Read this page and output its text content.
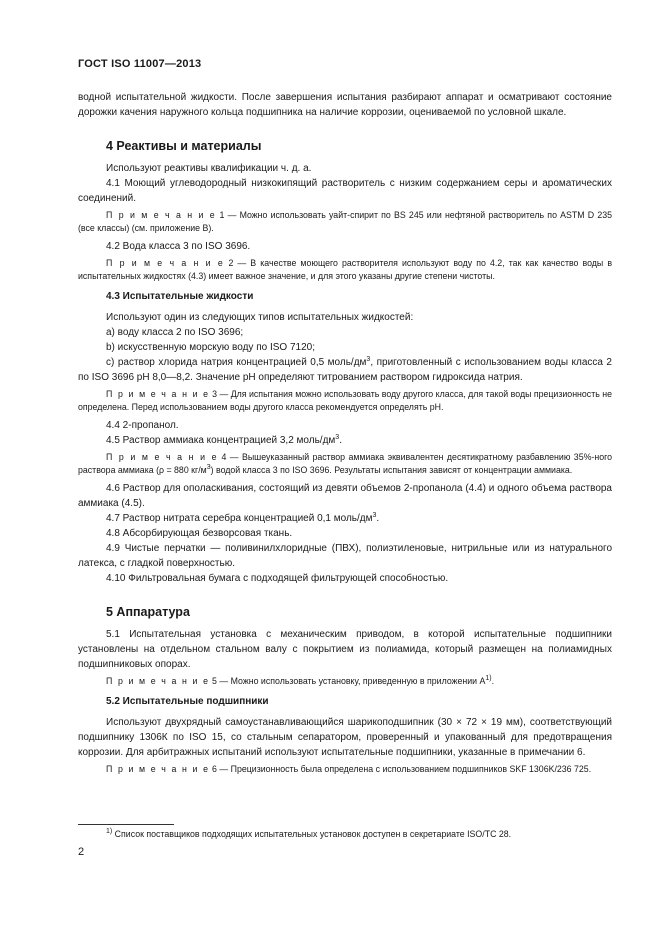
ГОСТ ISO 11007—2013

водной испытательной жидкости. После завершения испытания разбирают аппарат и осматривают состояние дорожки качения наружного кольца подшипника на наличие коррозии, оцениваемой по условной шкале.

4 Реактивы и материалы

Используют реактивы квалификации ч. д. а.

4.1 Моющий углеводородный низкокипящий растворитель с низким содержанием серы и ароматических соединений.

П р и м е ч а н и е 1 — Можно использовать уайт-спирит по BS 245 или нефтяной растворитель по ASTM D 235 (все классы) (см. приложение В).

4.2 Вода класса 3 по ISO 3696.

П р и м е ч а н и е 2 — В качестве моющего растворителя используют воду по 4.2, так как качество воды в испытательных жидкостях (4.3) имеет важное значение, и для этого указаны другие степени чистоты.

4.3 Испытательные жидкости

Используют один из следующих типов испытательных жидкостей:

а) воду класса 2 по ISO 3696;

b) искусственную морскую воду по ISO 7120;

с) раствор хлорида натрия концентрацией 0,5 моль/$дм^3$, приготовленный с использованием воды класса 2 по ISO 3696 рН 8,0—8,2. Значение рН определяют титрованием раствором гидроксида натрия.

П р и м е ч а н и е 3 — Для испытания можно использовать воду другого класса, для такой воды прецизионность не определена. Перед использованием воды другого класса рекомендуется определять рН.

4.4 2-пропанол.

4.5 Раствор аммиака концентрацией 3,2 моль/$дм^3$.

П р и м е ч а н и е 4 — Вышеуказанный раствор аммиака эквивалентен десятикратному разбавлению 35%-ного раствора аммиака (ρ = 880 $кг/м^3$) водой класса 3 по ISO 3696. Результаты испытания зависят от концентрации аммиака.

4.6 Раствор для ополаскивания, состоящий из девяти объемов 2-пропанола (4.4) и одного объема раствора аммиака (4.5).

4.7 Раствор нитрата серебра концентрацией 0,1 моль/$дм^3$.

4.8 Абсорбирующая безворсовая ткань.

4.9 Чистые перчатки — поливинилхлоридные (ПВХ), полиэтиленовые, нитрильные или из натурального латекса, с гладкой поверхностью.

4.10 Фильтровальная бумага с подходящей фильтрующей способностью.

5 Аппаратура

5.1 Испытательная установка с механическим приводом, в которой испытательные подшипники установлены на отдельном стальном валу с покрытием из полиамида, который размещен на полиамидных подшипниковых опорах.

П р и м е ч а н и е 5 — Можно использовать установку, приведенную в приложении $А^{1)}$.

5.2 Испытательные подшипники

Используют двухрядный самоустанавливающийся шарикоподшипник (30 × 72 × 19 мм), соответствующий подшипнику 1306К по ISO 15, со стальным сепаратором, проверенный и упакованный для предотвращения коррозии. Для арбитражных испытаний используют испытательные подшипники, указанные в примечании 6.

П р и м е ч а н и е 6 — Прецизионность была определена с использованием подшипников SKF 1306K/236 725.

$^{1)}$ Список поставщиков подходящих испытательных установок доступен в секретариате ISO/TC 28.
2
